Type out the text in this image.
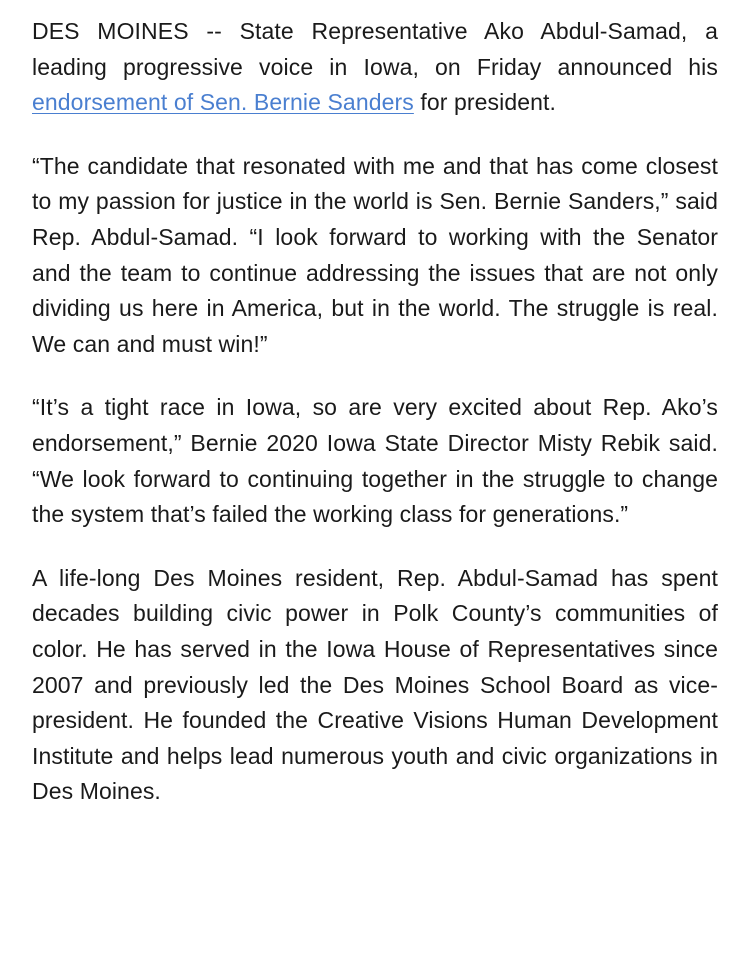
DES MOINES -- State Representative Ako Abdul-Samad, a leading progressive voice in Iowa, on Friday announced his endorsement of Sen. Bernie Sanders for president.

“The candidate that resonated with me and that has come closest to my passion for justice in the world is Sen. Bernie Sanders,” said Rep. Abdul-Samad. “I look forward to working with the Senator and the team to continue addressing the issues that are not only dividing us here in America, but in the world. The struggle is real. We can and must win!”

“It’s a tight race in Iowa, so are very excited about Rep. Ako’s endorsement,” Bernie 2020 Iowa State Director Misty Rebik said. “We look forward to continuing together in the struggle to change the system that’s failed the working class for generations.”

A life-long Des Moines resident, Rep. Abdul-Samad has spent decades building civic power in Polk County’s communities of color. He has served in the Iowa House of Representatives since 2007 and previously led the Des Moines School Board as vice-president. He founded the Creative Visions Human Development Institute and helps lead numerous youth and civic organizations in Des Moines.
